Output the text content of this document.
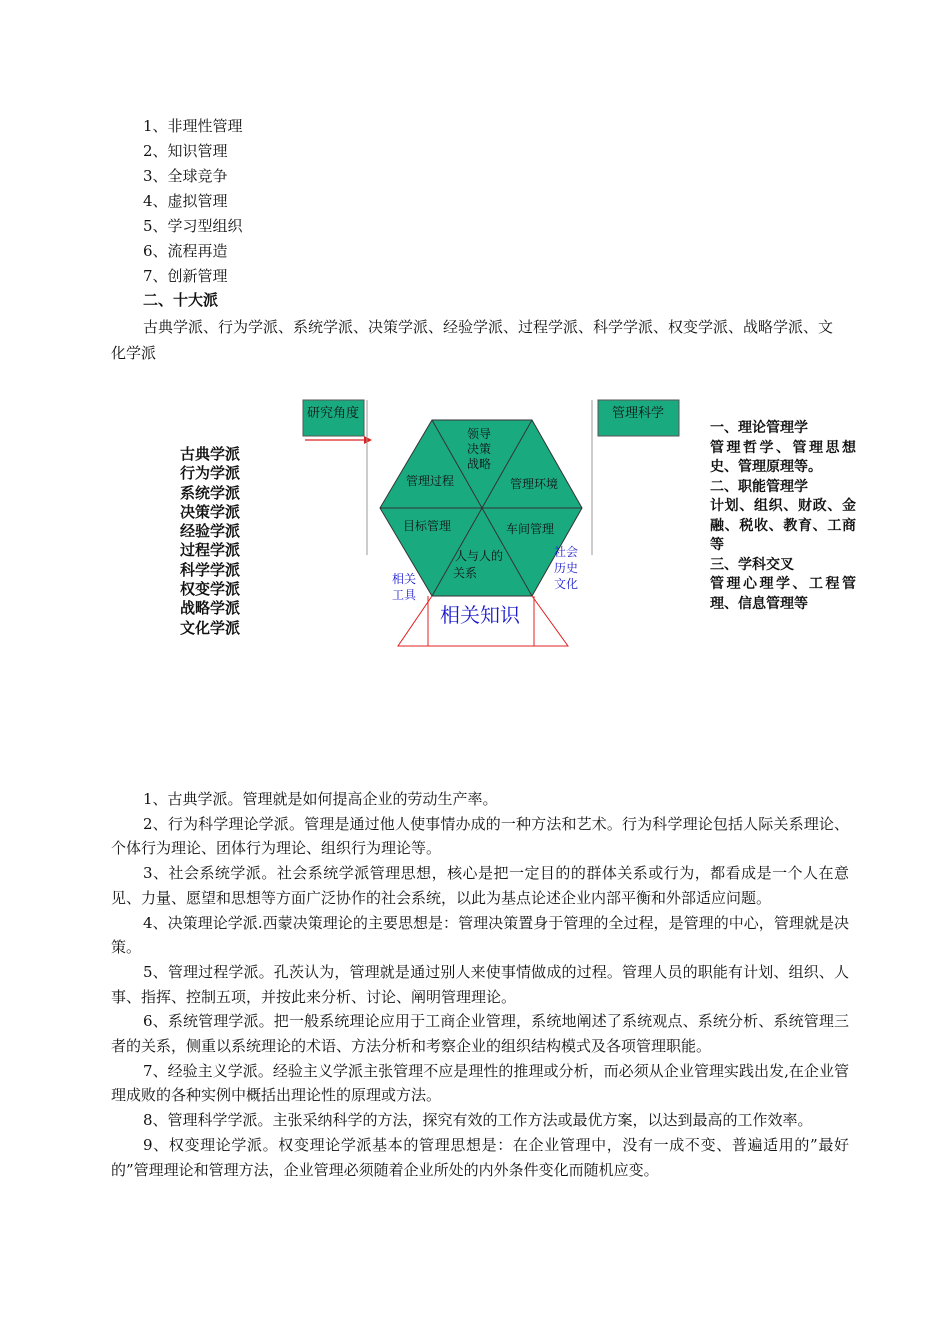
1、非理性管理
2、知识管理
3、全球竞争
4、虚拟管理
5、学习型组织
6、流程再造
7、创新管理
二、十大派
古典学派、行为学派、系统学派、决策学派、经验学派、过程学派、科学学派、权变学派、战略学派、文化学派
研究角度	管理科学
领导
决策
战略
管理过程	管理环境
目标管理	车间管理
人与人的
关系
相关
工具
社会
历史
文化
相关知识
古典学派
行为学派
系统学派
决策学派
经验学派
过程学派
科学学派
权变学派
战略学派
文化学派
一、理论管理学
管理哲学、管理思想史、管理原理等。
二、职能管理学
计划、组织、财政、金融、税收、教育、工商等
三、学科交叉
管理心理学、工程管理、信息管理等

1、古典学派。管理就是如何提高企业的劳动生产率。

2、行为科学理论学派。管理是通过他人使事情办成的一种方法和艺术。行为科学理论包括人际关系理论、个体行为理论、团体行为理论、组织行为理论等。

3、社会系统学派。社会系统学派管理思想，核心是把一定目的的群体关系或行为，都看成是一个人在意见、力量、愿望和思想等方面广泛协作的社会系统，以此为基点论述企业内部平衡和外部适应问题。

4、决策理论学派.西蒙决策理论的主要思想是：管理决策置身于管理的全过程，是管理的中心，管理就是决策。

5、管理过程学派。孔茨认为，管理就是通过别人来使事情做成的过程。管理人员的职能有计划、组织、人事、指挥、控制五项，并按此来分析、讨论、阐明管理理论。

6、系统管理学派。把一般系统理论应用于工商企业管理，系统地阐述了系统观点、系统分析、系统管理三者的关系，侧重以系统理论的术语、方法分析和考察企业的组织结构模式及各项管理职能。

7、经验主义学派。经验主义学派主张管理不应是理性的推理或分析，而必须从企业管理实践出发,在企业管理成败的各种实例中概括出理论性的原理或方法。

8、管理科学学派。主张采纳科学的方法，探究有效的工作方法或最优方案，以达到最高的工作效率。

9、权变理论学派。权变理论学派基本的管理思想是：在企业管理中，没有一成不变、普遍适用的”最好的”管理理论和管理方法，企业管理必须随着企业所处的内外条件变化而随机应变。
